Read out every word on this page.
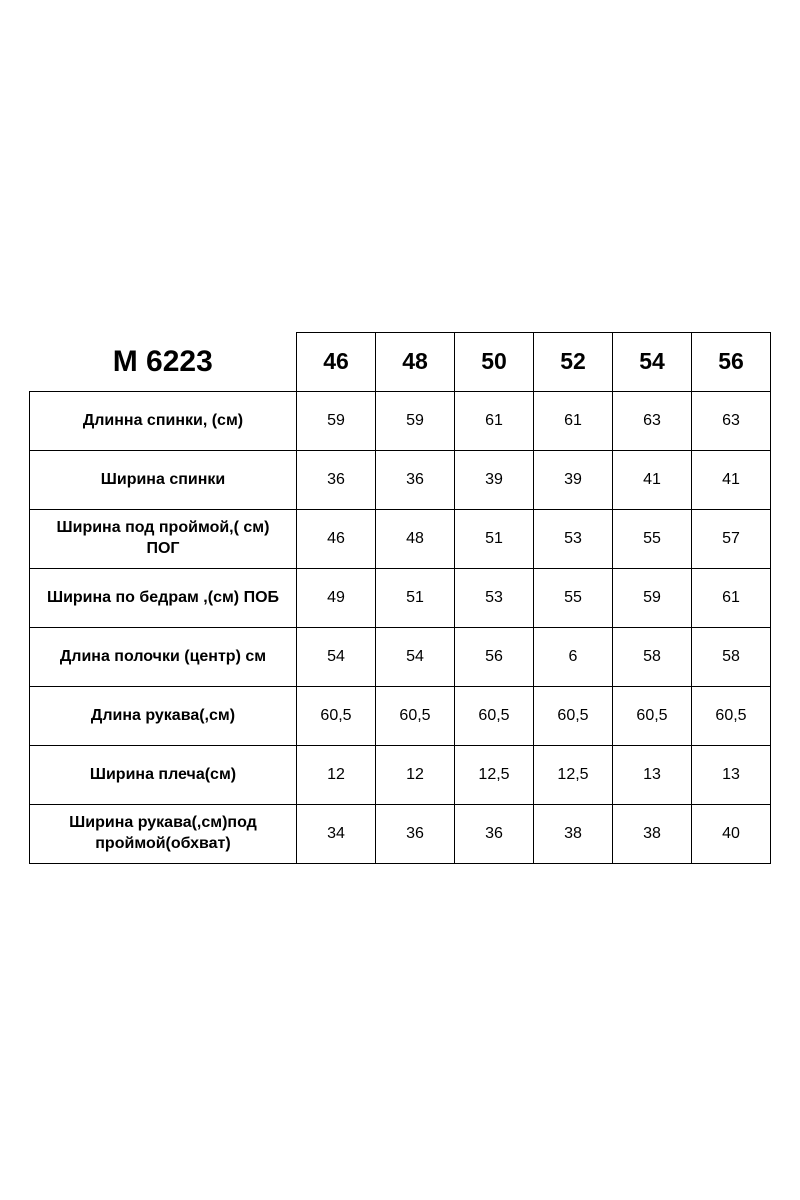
M 6223	46	48	50	52	54	56
Длинна спинки, (см)	59	59	61	61	63	63
Ширина спинки	36	36	39	39	41	41
Ширина под проймой,( см) ПОГ	46	48	51	53	55	57
Ширина по бедрам ,(см) ПОБ	49	51	53	55	59	61
Длина полочки (центр) см	54	54	56	6	58	58
Длина рукава(,см)	60,5	60,5	60,5	60,5	60,5	60,5
Ширина плеча(см)	12	12	12,5	12,5	13	13
Ширина рукава(,см)под проймой(обхват)	34	36	36	38	38	40
